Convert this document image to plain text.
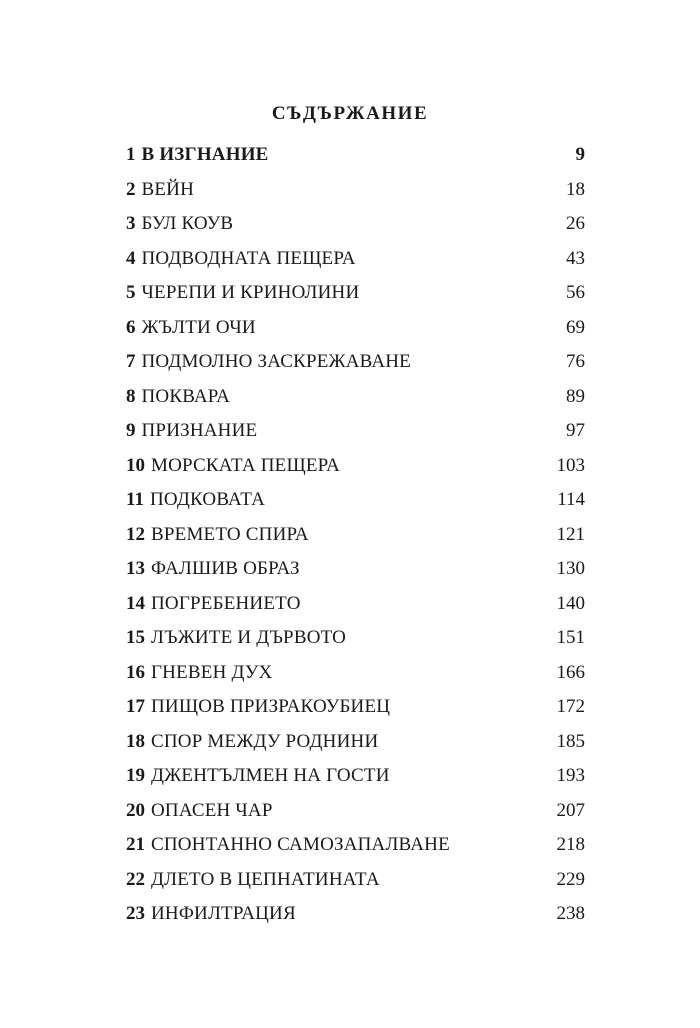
СЪДЪРЖАНИЕ
1 В ИЗГНАНИЕ	9
2 ВЕЙН	18
3 БУЛ КОУВ	26
4 ПОДВОДНАТА ПЕЩЕРА	43
5 ЧЕРЕПИ И КРИНОЛИНИ	56
6 ЖЪЛТИ ОЧИ	69
7 ПОДМОЛНО ЗАСКРЕЖАВАНЕ	76
8 ПОКВАРА	89
9 ПРИЗНАНИЕ	97
10 МОРСКАТА ПЕЩЕРА	103
11 ПОДКОВАТА	114
12 ВРЕМЕТО СПИРА	121
13 ФАЛШИВ ОБРАЗ	130
14 ПОГРЕБЕНИЕТО	140
15 ЛЪЖИТЕ И ДЪРВОТО	151
16 ГНЕВЕН ДУХ	166
17 ПИЩОВ ПРИЗРАКОУБИЕЦ	172
18 СПОР МЕЖДУ РОДНИНИ	185
19 ДЖЕНТЪЛМЕН НА ГОСТИ	193
20 ОПАСЕН ЧАР	207
21 СПОНТАННО САМОЗАПАЛВАНЕ	218
22 ДЛЕТО В ЦЕПНАТИНАТА	229
23 ИНФИЛТРАЦИЯ	238
